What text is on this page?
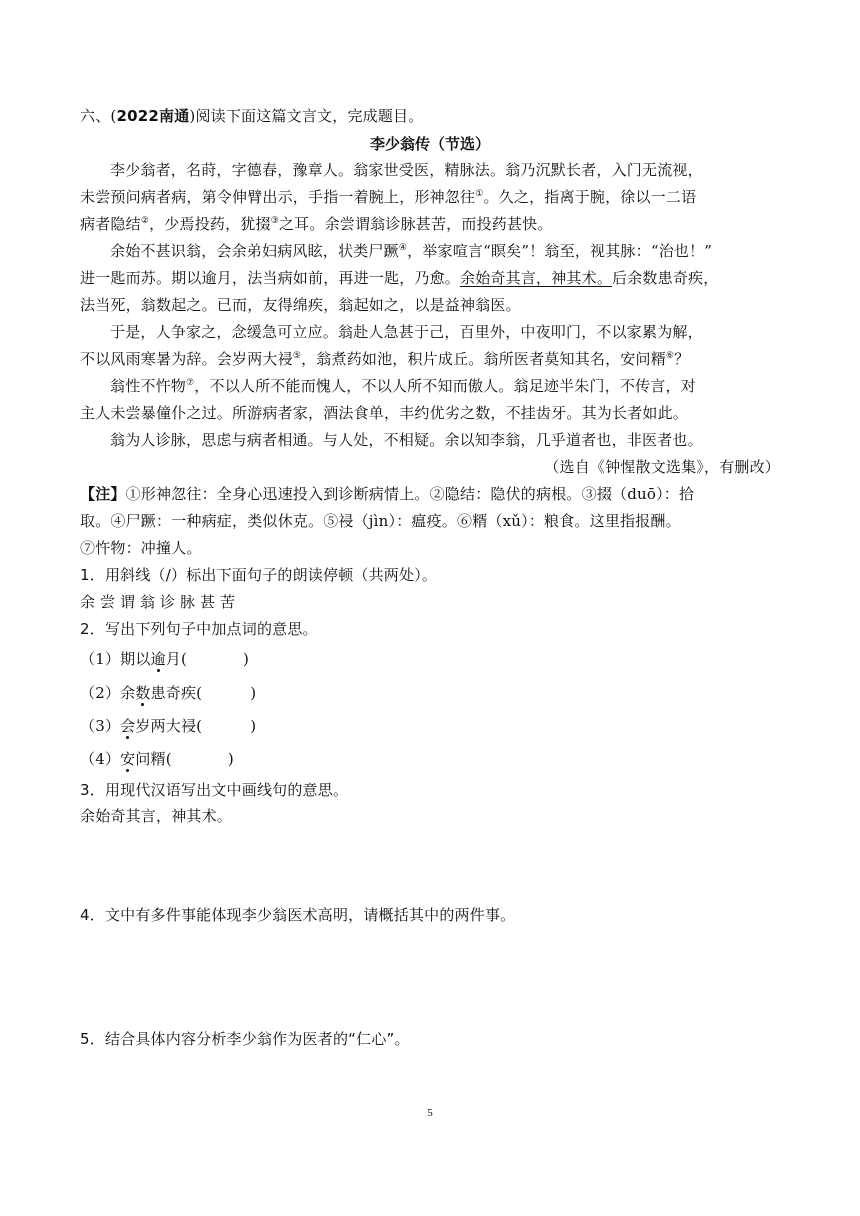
六、(2022南通)阅读下面这篇文言文，完成题目。
李少翁传（节选）
李少翁者，名莳，字德春，豫章人。翁家世受医，精脉法。翁乃沉默长者，入门无流视，
未尝预问病者病，第令伸臂出示，手指一着腕上，形神忽往①。久之，指离于腕，徐以一二语
病者隐结②，少焉投药，犹掇③之耳。余尝谓翁诊脉甚苦，而投药甚快。
余始不甚识翁，会余弟妇病风眩，状类尸蹶④，举家喧言“瞑矣”！翁至，视其脉：“治也！”
进一匙而苏。期以逾月，法当病如前，再进一匙，乃愈。余始奇其言，神其术。后余数患奇疾，
法当死，翁数起之。已而，友得绵疾，翁起如之，以是益神翁医。
于是，人争家之，念缓急可立应。翁赴人急甚于己，百里外，中夜叩门，不以家累为解，
不以风雨寒暑为辞。会岁两大祲⑤，翁煮药如池，积片成丘。翁所医者莫知其名，安问糈⑥？
翁性不忤物⑦，不以人所不能而愧人，不以人所不知而傲人。翁足迹半朱门，不传言，对
主人未尝暴僮仆之过。所游病者家，酒法食单，丰约优劣之数，不挂齿牙。其为长者如此。
翁为人诊脉，思虑与病者相通。与人处，不相疑。余以知李翁，几乎道者也，非医者也。
（选自《钟惺散文选集》，有删改）
【注】①形神忽往：全身心迅速投入到诊断病情上。②隐结：隐伏的病根。③掇（duō）：拾
取。④尸蹶：一种病症，类似休克。⑤祲（jìn）：瘟疫。⑥糈（xǔ）：粮食。这里指报酬。
⑦忤物：冲撞人。
1．用斜线（/）标出下面句子的朗读停顿（共两处）。
余尝谓翁诊脉甚苦
2．写出下列句子中加点词的意思。
（1）期以逾月(	)
（2）余数患奇疾(	)
（3）会岁两大祲(	)
（4）安问糈(	)
3．用现代汉语写出文中画线句的意思。
余始奇其言，神其术。
4．文中有多件事能体现李少翁医术高明，请概括其中的两件事。
5．结合具体内容分析李少翁作为医者的“仁心”。
5
